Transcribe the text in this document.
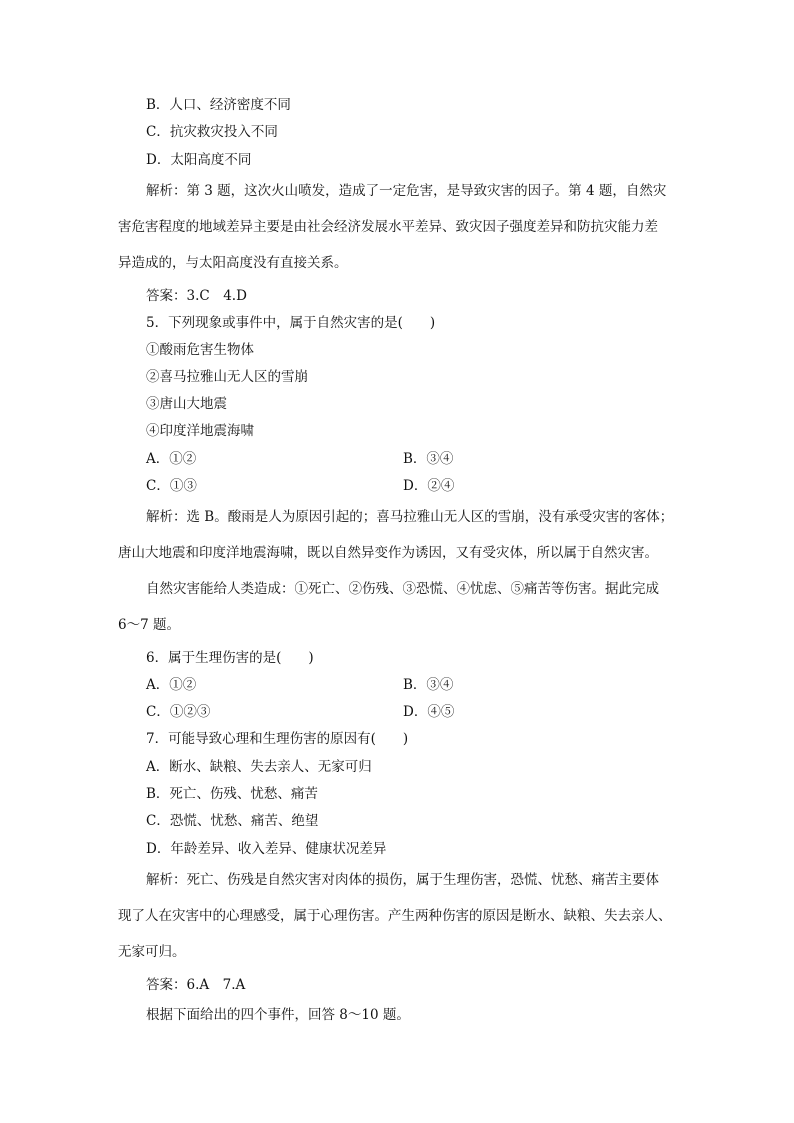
B．人口、经济密度不同
C．抗灾救灾投入不同
D．太阳高度不同
解析：第 3 题，这次火山喷发，造成了一定危害，是导致灾害的因子。第 4 题，自然灾
害危害程度的地域差异主要是由社会经济发展水平差异、致灾因子强度差异和防抗灾能力差
异造成的，与太阳高度没有直接关系。
答案：3.C　4.D
5．下列现象或事件中，属于自然灾害的是(　　)
①酸雨危害生物体
②喜马拉雅山无人区的雪崩
③唐山大地震
④印度洋地震海啸
A．①②	B．③④
C．①③	D．②④
解析：选 B。酸雨是人为原因引起的；喜马拉雅山无人区的雪崩，没有承受灾害的客体；
唐山大地震和印度洋地震海啸，既以自然异变作为诱因，又有受灾体，所以属于自然灾害。
自然灾害能给人类造成：①死亡、②伤残、③恐慌、④忧虑、⑤痛苦等伤害。据此完成
6～7 题。
6．属于生理伤害的是(　　)
A．①②	B．③④
C．①②③	D．④⑤
7．可能导致心理和生理伤害的原因有(　　)
A．断水、缺粮、失去亲人、无家可归
B．死亡、伤残、忧愁、痛苦
C．恐慌、忧愁、痛苦、绝望
D．年龄差异、收入差异、健康状况差异
解析：死亡、伤残是自然灾害对肉体的损伤，属于生理伤害，恐慌、忧愁、痛苦主要体
现了人在灾害中的心理感受，属于心理伤害。产生两种伤害的原因是断水、缺粮、失去亲人、
无家可归。
答案：6.A　7.A
根据下面给出的四个事件，回答 8～10 题。
